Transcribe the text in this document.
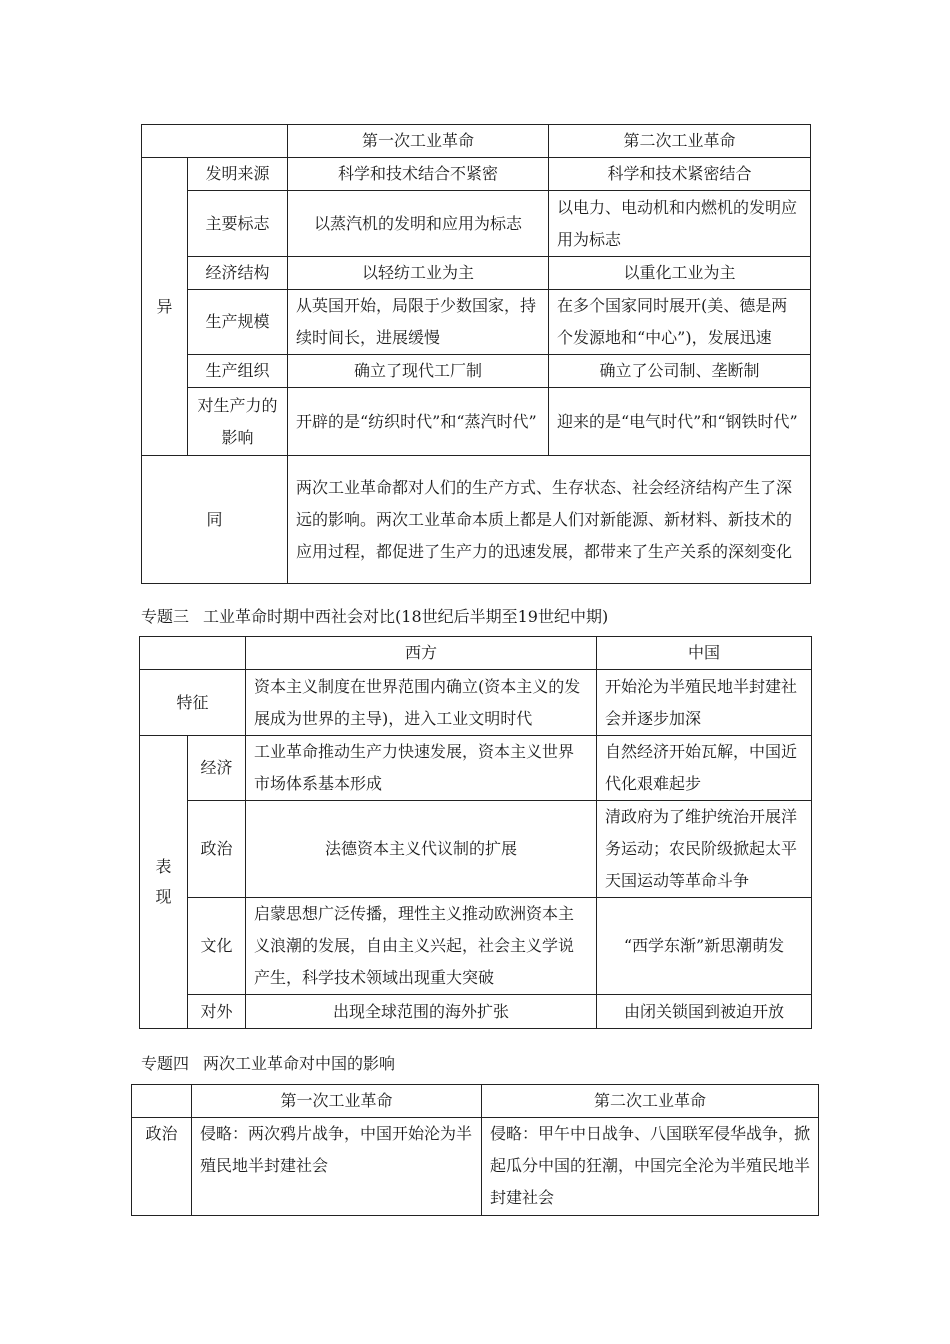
		第一次工业革命	第二次工业革命
异	发明来源	科学和技术结合不紧密	科学和技术紧密结合
	主要标志	以蒸汽机的发明和应用为标志	以电力、电动机和内燃机的发明应用为标志
	经济结构	以轻纺工业为主	以重化工业为主
	生产规模	从英国开始，局限于少数国家，持续时间长，进展缓慢	在多个国家同时展开(美、德是两个发源地和“中心”)，发展迅速
	生产组织	确立了现代工厂制	确立了公司制、垄断制
	对生产力的影响	开辟的是“纺织时代”和“蒸汽时代”	迎来的是“电气时代”和“钢铁时代”
同		两次工业革命都对人们的生产方式、生存状态、社会经济结构产生了深远的影响。两次工业革命本质上都是人们对新能源、新材料、新技术的应用过程，都促进了生产力的迅速发展，都带来了生产关系的深刻变化	
专题三 工业革命时期中西社会对比(18世纪后半期至19世纪中期)
		西方	中国
特征		资本主义制度在世界范围内确立(资本主义的发展成为世界的主导)，进入工业文明时代	开始沦为半殖民地半封建社会并逐步加深
表现	经济	工业革命推动生产力快速发展，资本主义世界市场体系基本形成	自然经济开始瓦解，中国近代化艰难起步
	政治	法德资本主义代议制的扩展	清政府为了维护统治开展洋务运动；农民阶级掀起太平天国运动等革命斗争
	文化	启蒙思想广泛传播，理性主义推动欧洲资本主义浪潮的发展，自由主义兴起，社会主义学说产生，科学技术领域出现重大突破	“西学东渐”新思潮萌发
	对外	出现全球范围的海外扩张	由闭关锁国到被迫开放
专题四 两次工业革命对中国的影响
	第一次工业革命	第二次工业革命
政治	侵略：两次鸦片战争，中国开始沦为半殖民地半封建社会	侵略：甲午中日战争、八国联军侵华战争，掀起瓜分中国的狂潮，中国完全沦为半殖民地半封建社会
